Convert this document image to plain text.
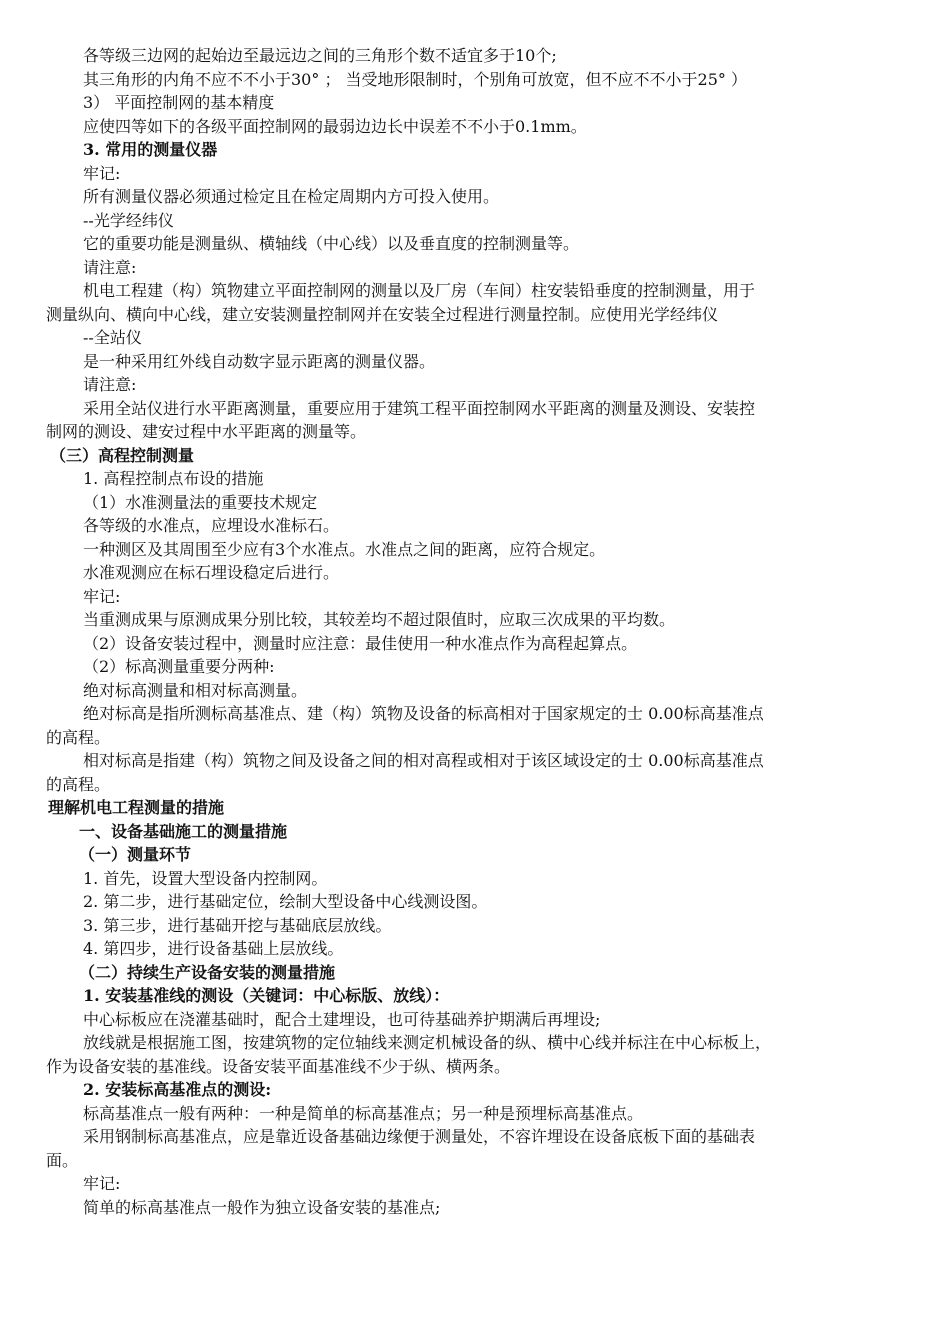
各等级三边网的起始边至最远边之间的三角形个数不适宜多于10个;
其三角形的内角不应不不小于30° ； 当受地形限制时，个别角可放宽，但不应不不小于25° ）
3） 平面控制网的基本精度
应使四等如下的各级平面控制网的最弱边边长中误差不不小于0.1mm。
3. 常用的测量仪器
牢记:
所有测量仪器必须通过检定且在检定周期内方可投入使用。
--光学经纬仪
它的重要功能是测量纵、横轴线（中心线）以及垂直度的控制测量等。
请注意:
机电工程建（构）筑物建立平面控制网的测量以及厂房（车间）柱安装铅垂度的控制测量，用于
测量纵向、横向中心线，建立安装测量控制网并在安装全过程进行测量控制。应使用光学经纬仪
--全站仪
是一种采用红外线自动数字显示距离的测量仪器。
请注意:
采用全站仪进行水平距离测量，重要应用于建筑工程平面控制网水平距离的测量及测设、安装控
制网的测设、建安过程中水平距离的测量等。
（三）高程控制测量
1. 高程控制点布设的措施
（1）水准测量法的重要技术规定
各等级的水准点，应埋设水准标石。
一种测区及其周围至少应有3个水准点。水准点之间的距离，应符合规定。
水准观测应在标石埋设稳定后进行。
牢记:
当重测成果与原测成果分别比较，其较差均不超过限值时，应取三次成果的平均数。
（2）设备安装过程中，测量时应注意：最佳使用一种水准点作为高程起算点。
（2）标高测量重要分两种:
绝对标高测量和相对标高测量。
绝对标高是指所测标高基准点、建（构）筑物及设备的标高相对于国家规定的士 0.00标高基准点
的高程。
相对标高是指建（构）筑物之间及设备之间的相对高程或相对于该区域设定的士 0.00标高基准点
的高程。
理解机电工程测量的措施
一、设备基础施工的测量措施
（一）测量环节
1. 首先，设置大型设备内控制网。
2. 第二步，进行基础定位，绘制大型设备中心线测设图。
3. 第三步，进行基础开挖与基础底层放线。
4. 第四步，进行设备基础上层放线。
（二）持续生产设备安装的测量措施
1. 安装基准线的测设（关键词：中心标版、放线）：
中心标板应在浇灌基础时，配合土建埋设，也可待基础养护期满后再埋设;
放线就是根据施工图，按建筑物的定位轴线来测定机械设备的纵、横中心线并标注在中心标板上，
作为设备安装的基准线。设备安装平面基准线不少于纵、横两条。
2. 安装标高基准点的测设:
标高基准点一般有两种：一种是简单的标高基准点；另一种是预埋标高基准点。
采用钢制标高基准点，应是靠近设备基础边缘便于测量处，不容许埋设在设备底板下面的基础表
面。
牢记:
简单的标高基准点一般作为独立设备安装的基准点;
